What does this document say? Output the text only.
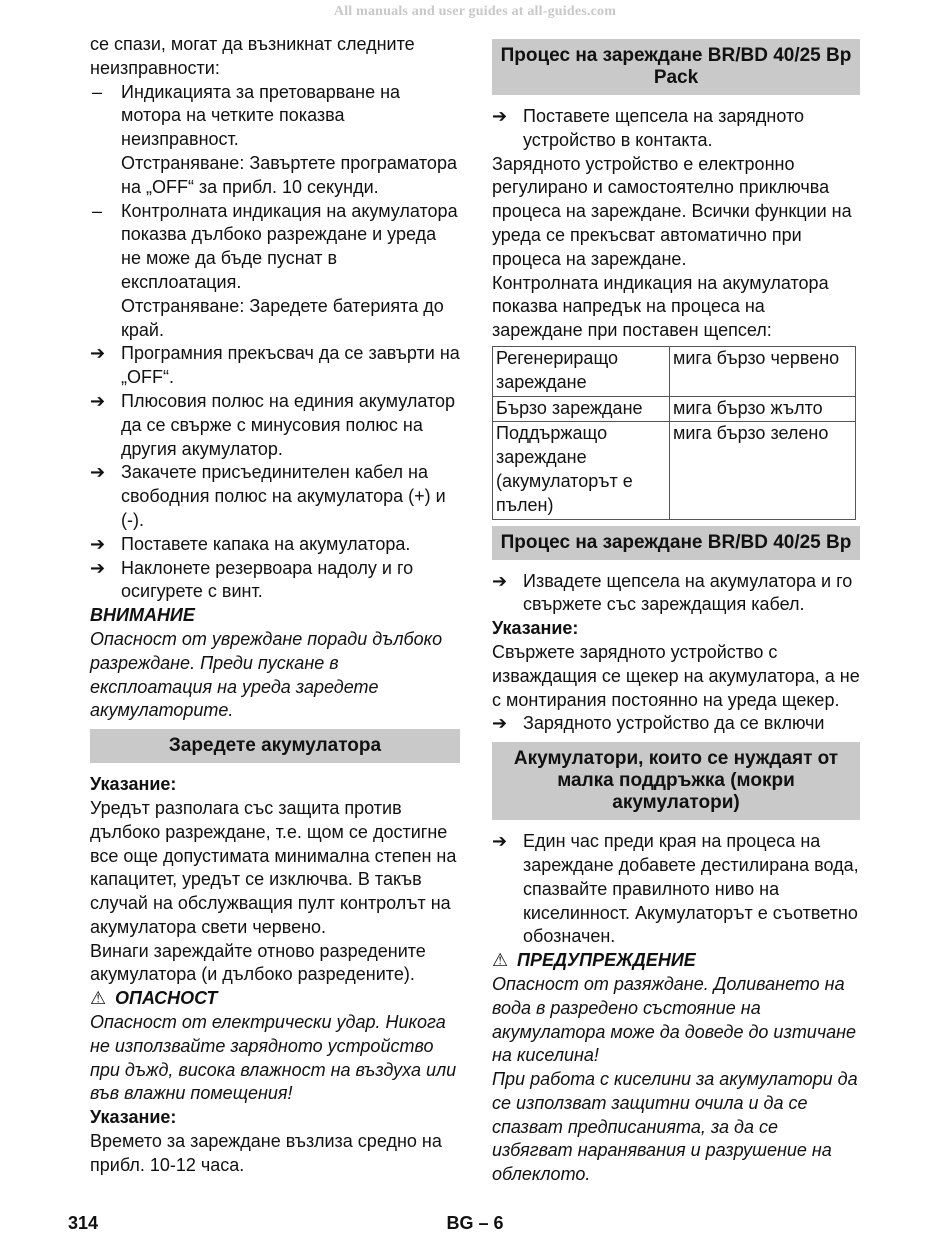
All manuals and user guides at all-guides.com

се спази, могат да възникнат следните неизправности:

–	Индикацията за претоварване на мотора на четките показва неизправност.

Отстраняване: Завъртете програматора на „OFF“ за прибл. 10 секунди.

–	Контролната индикация на акумулатора показва дълбоко разреждане и уреда не може да бъде пуснат в експлоатация.

Отстраняване: Заредете батерията до край.

➔ Програмния прекъсвач да се завърти на „OFF“.
➔ Плюсовия полюс на единия акумулатор да се свърже с минусовия полюс на другия акумулатор.
➔ Закачете присъединителен кабел на свободния полюс на акумулатора (+) и (-).
➔ Поставете капака на акумулатора.
➔ Наклонете резервоара надолу и го осигурете с винт.

ВНИМАНИЕ

Опасност от увреждане поради дълбоко разреждане. Преди пускане в експлоатация на уреда заредете акумулаторите.

Заредете акумулатора

Указание:

Уредът разполага със защита против дълбоко разреждане, т.е. щом се достигне все още допустимата минимална степен на капацитет, уредът се изключва. В такъв случай на обслужващия пулт контролът на акумулатора свети червено.

Винаги зареждайте отново разредените акумулатора (и дълбоко разредените).

⚠ ОПАСНОСТ

Опасност от електрически удар. Никога не използвайте зарядното устройство при дъжд, висока влажност на въздуха или във влажни помещения!

Указание:

Времето за зареждане възлиза средно на прибл. 10-12 часа.

Процес на зареждане BR/BD 40/25 Bp Pack
➔ Поставете щепсела на зарядното устройство в контакта.

Зарядното устройство е електронно регулирано и самостоятелно приключва процеса на зареждане. Всички функции на уреда се прекъсват автоматично при процеса на зареждане.

Контролната индикация на акумулатора показва напредък на процеса на зареждане при поставен щепсел:

Регенериращо зареждане	мига бързо червено
Бързо зареждане	мига бързо жълто
Поддържащо зареждане (акумулаторът е пълен)	мига бързо зелено
Процес на зареждане BR/BD 40/25 Bp
➔ Извадете щепсела на акумулатора и го свържете със зареждащия кабел.

Указание:

Свържете зарядното устройство с изваждащия се щекер на акумулатора, а не с монтирания постоянно на уреда щекер.

➔ Зарядното устройство да се включи
Акумулатори, които се нуждаят от малка поддръжка (мокри акумулатори)
➔ Един час преди края на процеса на зареждане добавете дестилирана вода, спазвайте правилното ниво на киселинност. Акумулаторът е съответно обозначен.

⚠ ПРЕДУПРЕЖДЕНИЕ

Опасност от разяждане. Доливането на вода в разредено състояние на акумулатора може да доведе до изтичане на киселина!

При работа с киселини за акумулатори да се използват защитни очила и да се спазват предписанията, за да се избягват наранявания и разрушение на облеклото.

314	BG – 6
